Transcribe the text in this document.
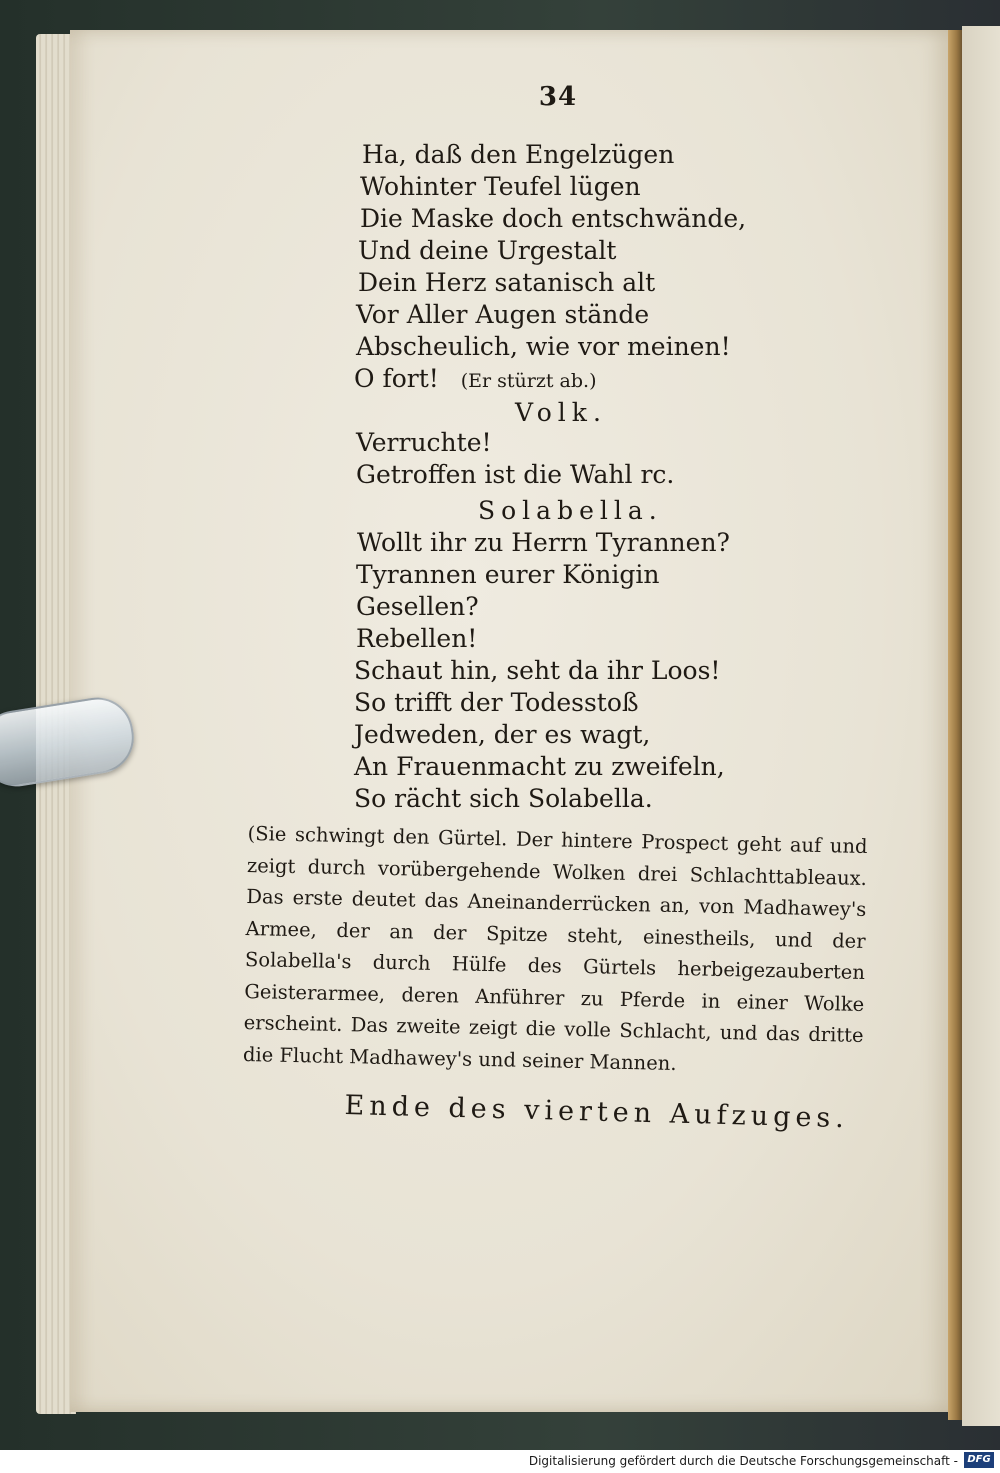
34
Ha, daß den Engelzügen
Wohinter Teufel lügen
Die Maske doch entschwände,
Und deine Urgestalt
Dein Herz satanisch alt
Vor Aller Augen stände
Abscheulich, wie vor meinen!
O fort! (Er stürzt ab.)
Volk.
Verruchte!
Getroffen ist die Wahl rc.
Solabella.
Wollt ihr zu Herrn Tyrannen?
Tyrannen eurer Königin
Gesellen?
Rebellen!
Schaut hin, seht da ihr Loos!
So trifft der Todesstoß
Jedweden, der es wagt,
An Frauenmacht zu zweifeln,
So rächt sich Solabella.
(Sie schwingt den Gürtel. Der hintere Prospect geht auf und zeigt durch vorübergehende Wolken drei Schlachttableaux. Das erste deutet das Aneinanderrücken an, von Madhawey's Armee, der an der Spitze steht, einestheils, und der Solabella's durch Hülfe des Gürtels herbeigezauberten Geisterarmee, deren Anführer zu Pferde in einer Wolke erscheint. Das zweite zeigt die volle Schlacht, und das dritte die Flucht Madhawey's und seiner Mannen.
Ende des vierten Aufzuges.
Digitalisierung gefördert durch die Deutsche Forschungsgemeinschaft - DFG
